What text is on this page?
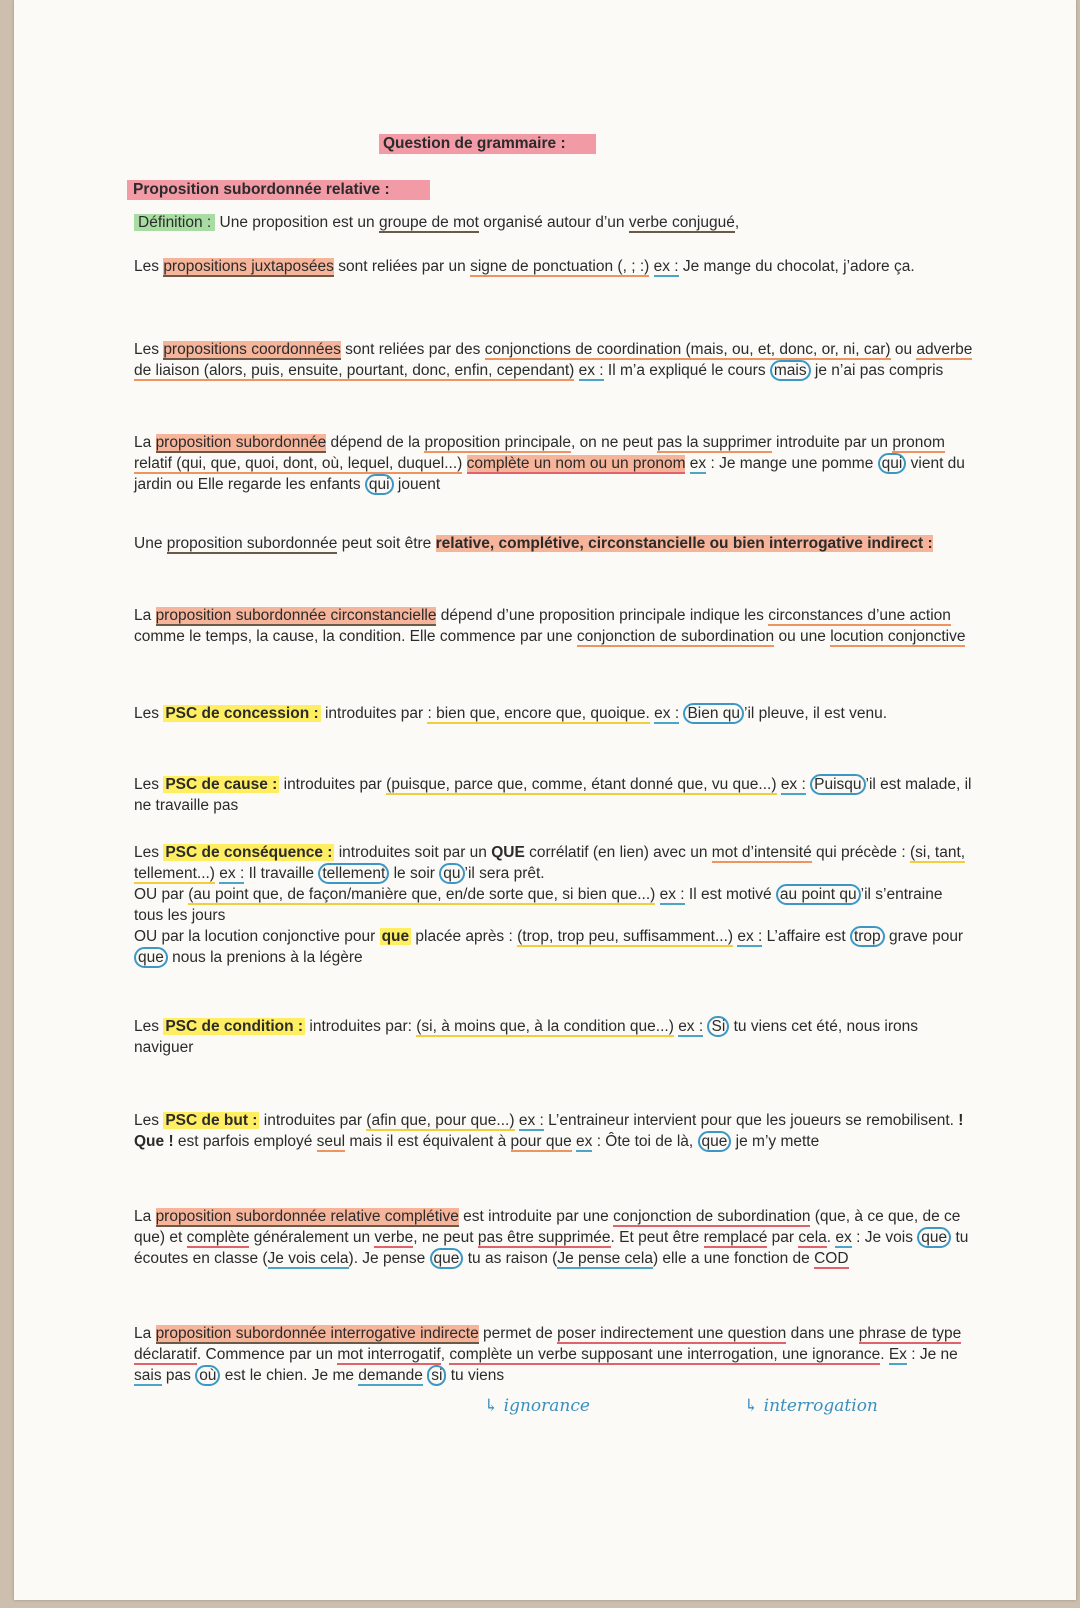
Question de grammaire :
Proposition subordonnée relative :

Définition : Une proposition est un groupe de mot organisé autour d’un verbe conjugué,

Les propositions juxtaposées sont reliées par un signe de ponctuation (, ; :) ex : Je mange du chocolat, j’adore ça.

Les propositions coordonnées sont reliées par des conjonctions de coordination (mais, ou, et, donc, or, ni, car) ou adverbe de liaison (alors, puis, ensuite, pourtant, donc, enfin, cependant) ex : Il m’a expliqué le cours mais je n’ai pas compris

La proposition subordonnée dépend de la proposition principale, on ne peut pas la supprimer introduite par un pronom relatif (qui, que, quoi, dont, où, lequel, duquel...) complète un nom ou un pronom ex : Je mange une pomme qui vient du jardin ou Elle regarde les enfants qui jouent

Une proposition subordonnée peut soit être relative, complétive, circonstancielle ou bien interrogative indirect :

La proposition subordonnée circonstancielle dépend d’une proposition principale indique les circonstances d’une action comme le temps, la cause, la condition. Elle commence par une conjonction de subordination ou une locution conjonctive

Les PSC de concession : introduites par : bien que, encore que, quoique. ex : Bien qu ’il pleuve, il est venu.

Les PSC de cause : introduites par (puisque, parce que, comme, étant donné que, vu que...) ex : Puisqu ’il est malade, il ne travaille pas

Les PSC de conséquence : introduites soit par un QUE corrélatif (en lien) avec un mot d’intensité qui précède : (si, tant, tellement...) ex : Il travaille tellement le soir qu ’il sera prêt.
OU par (au point que, de façon/manière que, en/de sorte que, si bien que...) ex : Il est motivé au point qu ’il s’entraine tous les jours
OU par la locution conjonctive pour que placée après : (trop, trop peu, suffisamment...) ex : L’affaire est trop grave pour que nous la prenions à la légère

Les PSC de condition : introduites par: (si, à moins que, à la condition que...) ex : Si tu viens cet été, nous irons naviguer

Les PSC de but : introduites par (afin que, pour que...) ex : L’entraineur intervient pour que les joueurs se remobilisent. ! Que ! est parfois employé seul mais il est équivalent à pour que ex : Ôte toi de là, que je m’y mette

La proposition subordonnée relative complétive est introduite par une conjonction de subordination (que, à ce que, de ce que) et complète généralement un verbe, ne peut pas être supprimée. Et peut être remplacé par cela. ex : Je vois que tu écoutes en classe (Je vois cela). Je pense que tu as raison (Je pense cela) elle a une fonction de COD

La proposition subordonnée interrogative indirecte permet de poser indirectement une question dans une phrase de type déclaratif. Commence par un mot interrogatif, complète un verbe supposant une interrogation, une ignorance. Ex : Je ne sais pas où est le chien. Je me demande si tu viens

↳ ignorance	↳ interrogation
